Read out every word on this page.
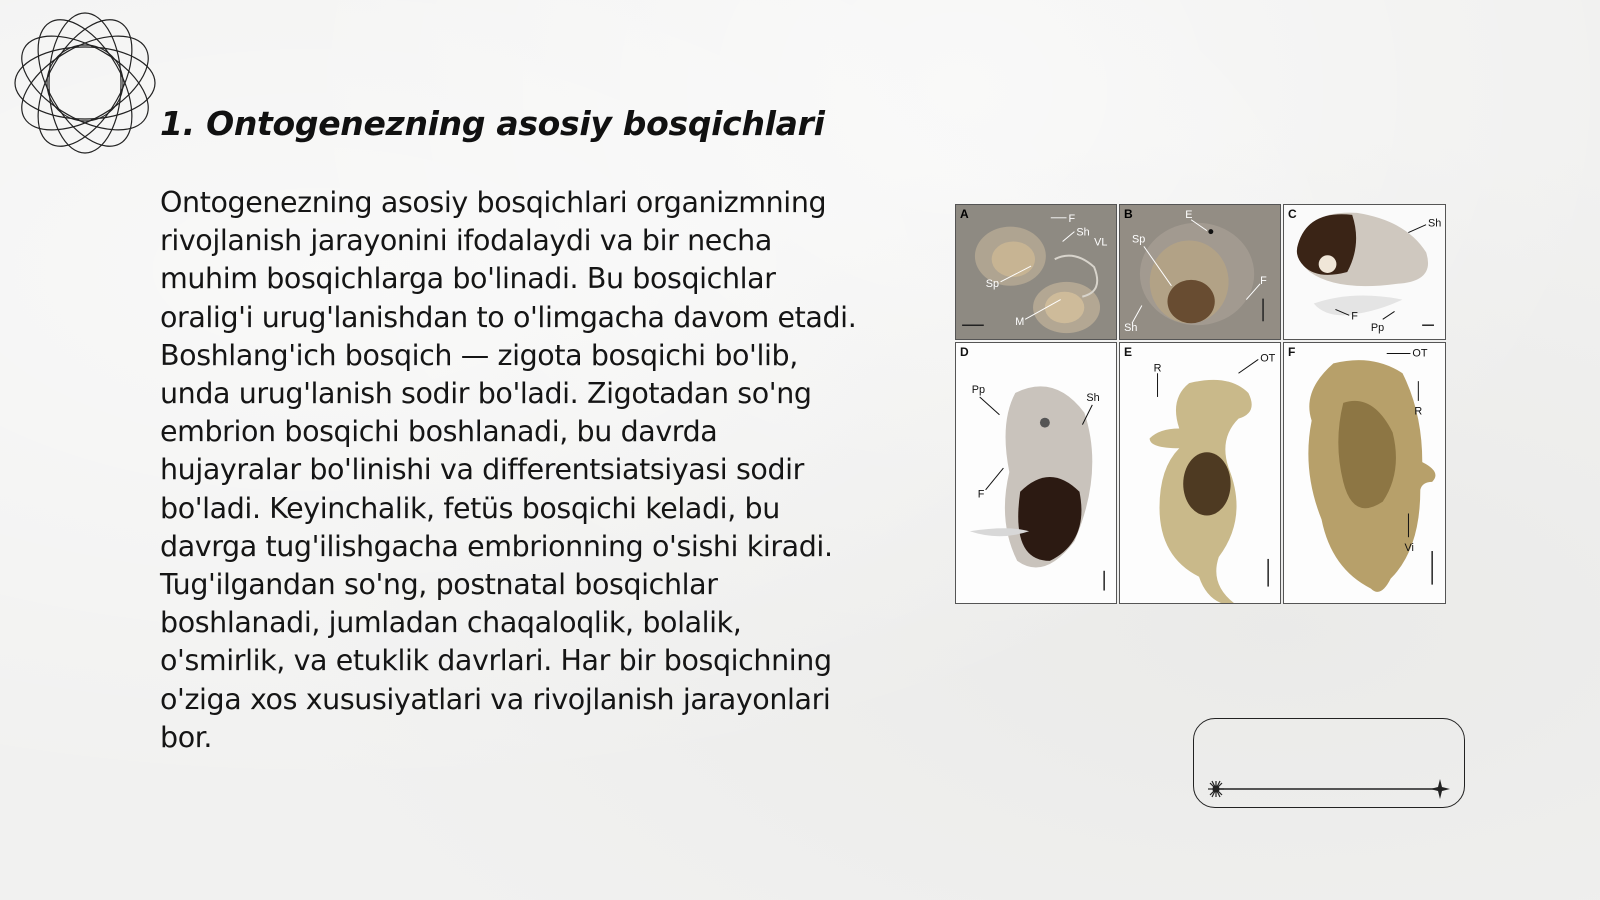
1. Ontogenezning asosiy bosqichlari

Ontogenezning asosiy bosqichlari organizmning rivojlanish jarayonini ifodalaydi va bir necha muhim bosqichlarga bo'linadi. Bu bosqichlar oralig'i urug'lanishdan to o'limgacha davom etadi. Boshlang'ich bosqich — zigota bosqichi bo'lib, unda urug'lanish sodir bo'ladi. Zigotadan so'ng embrion bosqichi boshlanadi, bu davrda hujayralar bo'linishi va differentsiatsiyasi sodir bo'ladi. Keyinchalik, fetüs bosqichi keladi, bu davrga tug'ilishgacha embrionning o'sishi kiradi. Tug'ilgandan so'ng, postnatal bosqichlar boshlanadi, jumladan chaqaloqlik, bolalik, o'smirlik, va etuklik davrlari. Har bir bosqichning o'ziga xos xususiyatlari va rivojlanish jarayonlari bor.

F
Sh
VL
Sp
M
A	E
Sp
F
Sh
B
Sh
F
Pp
C
Pp
Sh
F
D
R
OT
E	OT
R
Vi
F
